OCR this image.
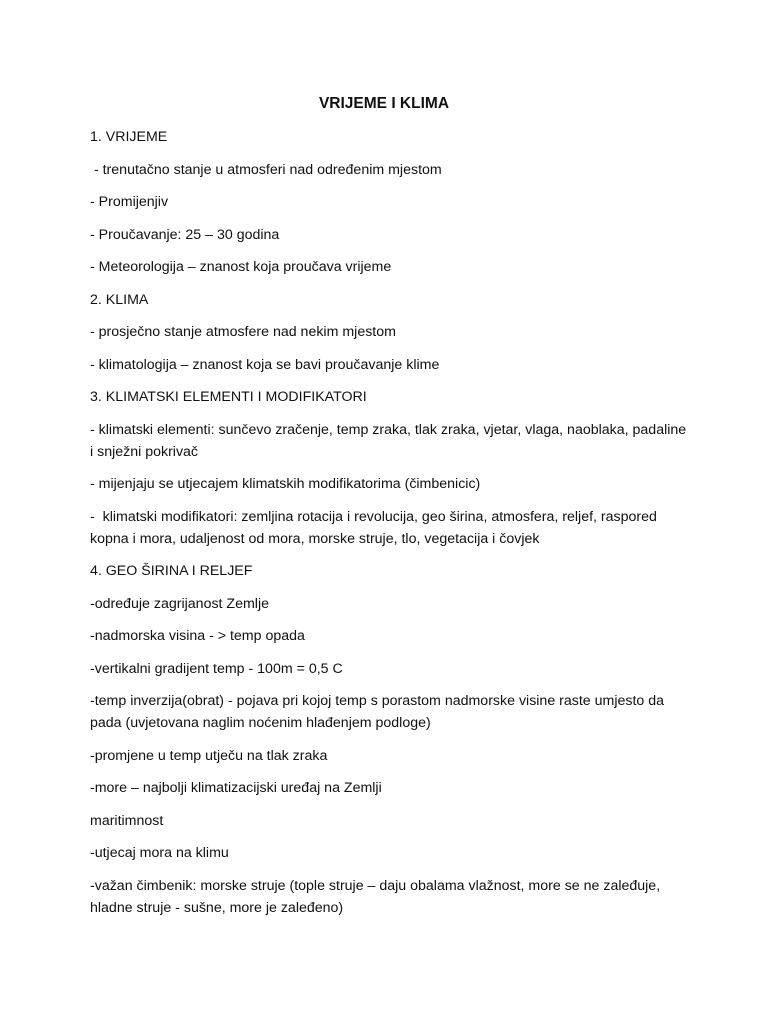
VRIJEME I KLIMA
1. VRIJEME
- trenutačno stanje u atmosferi nad određenim mjestom
- Promijenjiv
- Proučavanje: 25 – 30 godina
- Meteorologija – znanost koja proučava vrijeme
2. KLIMA
- prosječno stanje atmosfere nad nekim mjestom
- klimatologija – znanost koja se bavi proučavanje klime
3. KLIMATSKI ELEMENTI I MODIFIKATORI
- klimatski elementi: sunčevo zračenje, temp zraka, tlak zraka, vjetar, vlaga, naoblaka, padaline i snježni pokrivač
- mijenjaju se utjecajem klimatskih modifikatorima (čimbenicic)
-  klimatski modifikatori: zemljina rotacija i revolucija, geo širina, atmosfera, reljef, raspored kopna i mora, udaljenost od mora, morske struje, tlo, vegetacija i čovjek
4. GEO ŠIRINA I RELJEF
-određuje zagrijanost Zemlje
-nadmorska visina - > temp opada
-vertikalni gradijent temp - 100m = 0,5 C
-temp inverzija(obrat) - pojava pri kojoj temp s porastom nadmorske visine raste umjesto da pada (uvjetovana naglim noćenim hlađenjem podloge)
-promjene u temp utječu na tlak zraka
-more – najbolji klimatizacijski uređaj na Zemlji
maritimnost
-utjecaj mora na klimu
-važan čimbenik: morske struje (tople struje – daju obalama vlažnost, more se ne zaleđuje, hladne struje - sušne, more je zaleđeno)
